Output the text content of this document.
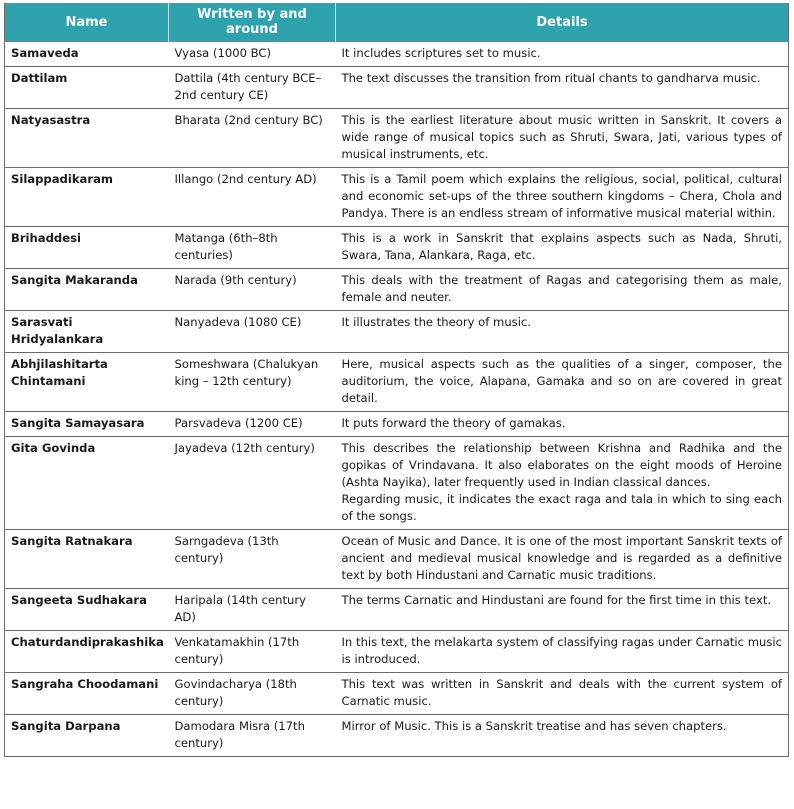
Name	Written by and around	Details
Samaveda	Vyasa (1000 BC)	It includes scriptures set to music.

Dattilam	Dattila (4th century BCE–2nd century CE)	The text discusses the transition from ritual chants to gandharva music.

Natyasastra	Bharata (2nd century BC)	This is the earliest literature about music written in Sanskrit. It covers a wide range of musical topics such as Shruti, Swara, Jati, various types of musical instruments, etc.

Silappadikaram	Illango (2nd century AD)	This is a Tamil poem which explains the religious, social, political, cultural and economic set-ups of the three southern kingdoms – Chera, Chola and Pandya. There is an endless stream of informative musical material within.

Brihaddesi	Matanga (6th–8th centuries)	This is a work in Sanskrit that explains aspects such as Nada, Shruti, Swara, Tana, Alankara, Raga, etc.

Sangita Makaranda	Narada (9th century)	This deals with the treatment of Ragas and categorising them as male, female and neuter.

Sarasvati Hridyalankara	Nanyadeva (1080 CE)	It illustrates the theory of music.

Abhjilashitarta Chintamani	Someshwara (Chalukyan king – 12th century)	Here, musical aspects such as the qualities of a singer, composer, the auditorium, the voice, Alapana, Gamaka and so on are covered in great detail.

Sangita Samayasara	Parsvadeva (1200 CE)	It puts forward the theory of gamakas.

Gita Govinda	Jayadeva (12th century)	This describes the relationship between Krishna and Radhika and the gopikas of Vrindavana. It also elaborates on the eight moods of Heroine (Ashta Nayika), later frequently used in Indian classical dances.
Regarding music, it indicates the exact raga and tala in which to sing each of the songs.

Sangita Ratnakara	Sarngadeva (13th century)	Ocean of Music and Dance. It is one of the most important Sanskrit texts of ancient and medieval musical knowledge and is regarded as a definitive text by both Hindustani and Carnatic music traditions.

Sangeeta Sudhakara	Haripala (14th century AD)	The terms Carnatic and Hindustani are found for the first time in this text.

Chaturdandiprakashika	Venkatamakhin (17th century)	In this text, the melakarta system of classifying ragas under Carnatic music is introduced.

Sangraha Choodamani	Govindacharya (18th century)	This text was written in Sanskrit and deals with the current system of Carnatic music.

Sangita Darpana	Damodara Misra (17th century)	Mirror of Music. This is a Sanskrit treatise and has seven chapters.
